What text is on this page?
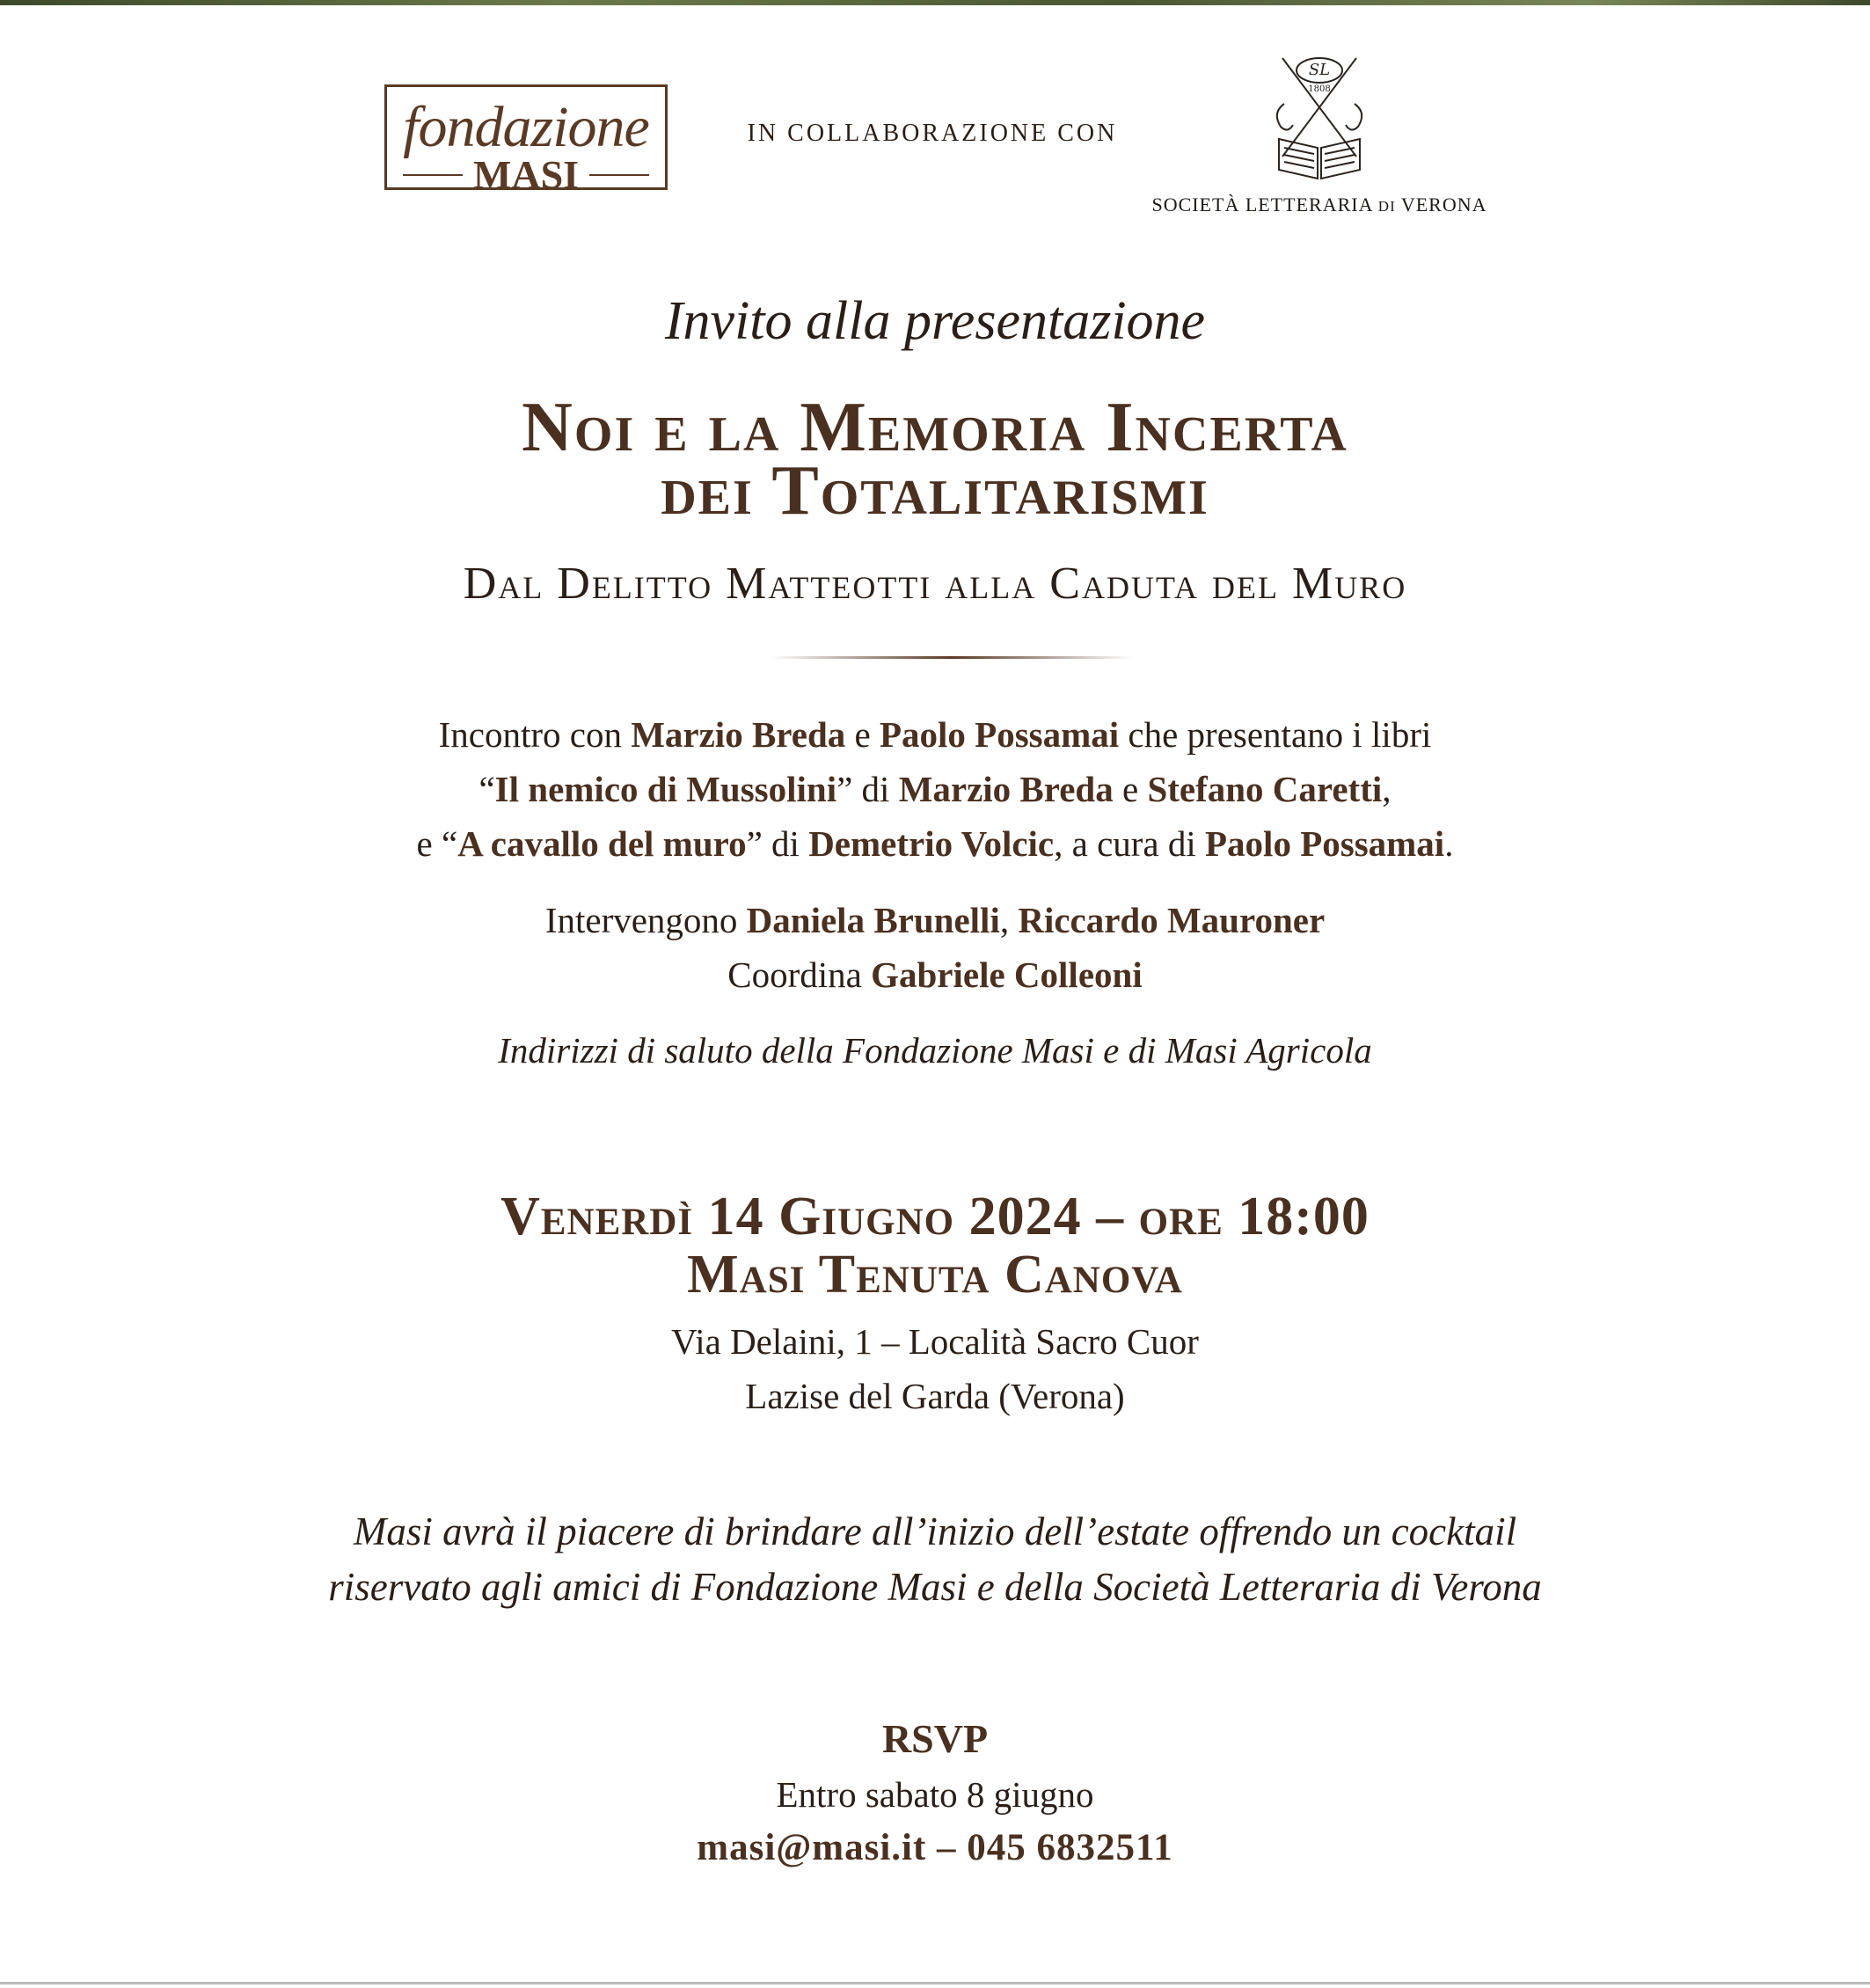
fondazione
MASI
IN COLLABORAZIONE CON
SL
1808
SOCIETÀ LETTERARIA DI VERONA
Invito alla presentazione
Noi e la Memoria Incerta
dei Totalitarismi
Dal Delitto Matteotti alla Caduta del Muro
Incontro con Marzio Breda e Paolo Possamai che presentano i libri
“Il nemico di Mussolini” di Marzio Breda e Stefano Caretti,
e “A cavallo del muro” di Demetrio Volcic, a cura di Paolo Possamai.
Intervengono Daniela Brunelli, Riccardo Mauroner
Coordina Gabriele Colleoni
Indirizzi di saluto della Fondazione Masi e di Masi Agricola
Venerdì 14 Giugno 2024 – ore 18:00
Masi Tenuta Canova
Via Delaini, 1 – Località Sacro Cuor
Lazise del Garda (Verona)
Masi avrà il piacere di brindare all’inizio dell’estate offrendo un cocktail
riservato agli amici di Fondazione Masi e della Società Letteraria di Verona
RSVP
Entro sabato 8 giugno
masi@masi.it – 045 6832511
